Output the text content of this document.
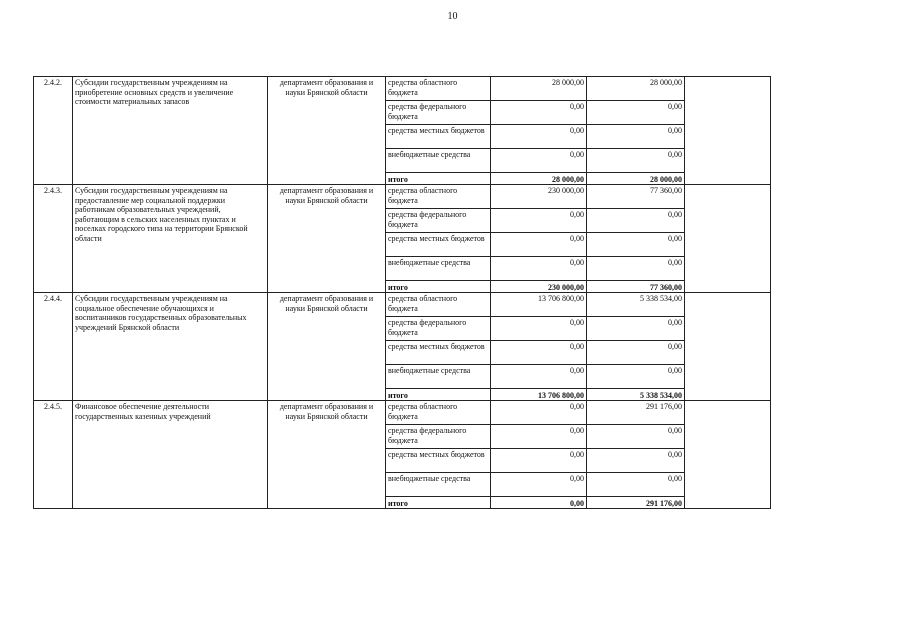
10
2.4.2.	Субсидии государственным учреждениям на приобретение основных средств и увеличение стоимости материальных запасов	департамент образования и науки Брянской области	средства областного бюджета	28 000,00	28 000,00	
			средства федерального бюджета	0,00	0,00	
			средства местных бюджетов	0,00	0,00	
			внебюджетные средства	0,00	0,00	
			итого	28 000,00	28 000,00	
2.4.3.	Субсидии государственным учреждениям на предоставление мер социальной поддержки работникам образовательных учреждений, работающим в сельских населенных пунктах и поселках городского типа на территории Брянской области	департамент образования и науки Брянской области	средства областного бюджета	230 000,00	77 360,00	
			средства федерального бюджета	0,00	0,00	
			средства местных бюджетов	0,00	0,00	
			внебюджетные средства	0,00	0,00	
			итого	230 000,00	77 360,00	
2.4.4.	Субсидии государственным учреждениям на социальное обеспечение обучающихся и воспитанников государственных образовательных учреждений Брянской области	департамент образования и науки Брянской области	средства областного бюджета	13 706 800,00	5 338 534,00	
			средства федерального бюджета	0,00	0,00	
			средства местных бюджетов	0,00	0,00	
			внебюджетные средства	0,00	0,00	
			итого	13 706 800,00	5 338 534,00	
2.4.5.	Финансовое обеспечение деятельности государственных казенных учреждений	департамент образования и науки Брянской области	средства областного бюджета	0,00	291 176,00	
			средства федерального бюджета	0,00	0,00	
			средства местных бюджетов	0,00	0,00	
			внебюджетные средства	0,00	0,00	
			итого	0,00	291 176,00	
